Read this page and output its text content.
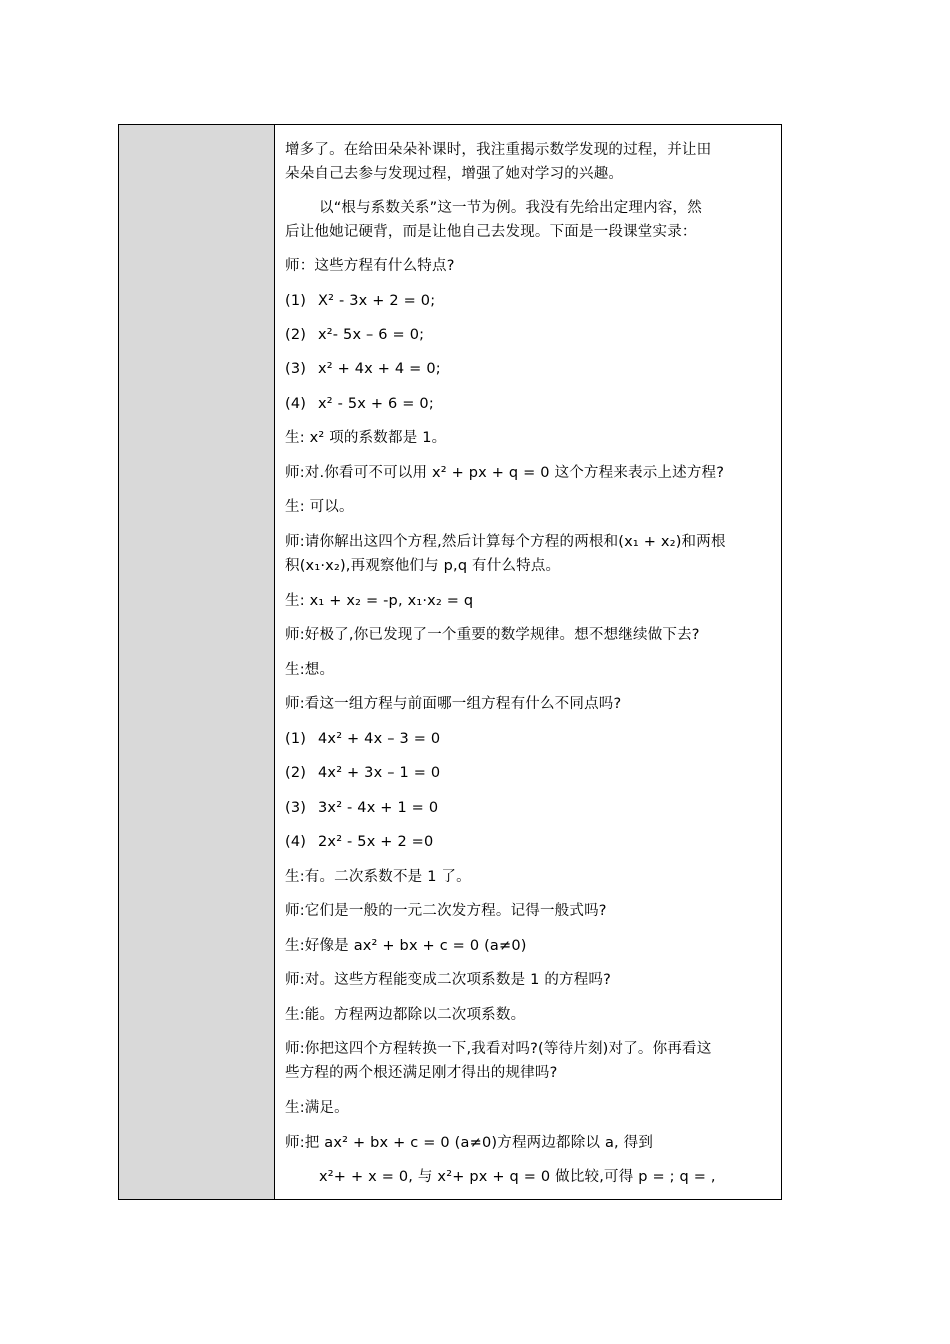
增多了。在给田朵朵补课时，我注重揭示数学发现的过程，并让田
朵朵自己去参与发现过程，增强了她对学习的兴趣。
以“根与系数关系”这一节为例。我没有先给出定理内容，然
后让他她记硬背，而是让他自己去发现。下面是一段课堂实录：
师：这些方程有什么特点?
(1) X² - 3x + 2 = 0;
(2) x²- 5x – 6 = 0;
(3) x² + 4x + 4 = 0;
(4) x² - 5x + 6 = 0;
生: x² 项的系数都是 1。
师:对.你看可不可以用 x² + px + q = 0 这个方程来表示上述方程?
生: 可以。
师:请你解出这四个方程,然后计算每个方程的两根和(x₁ + x₂)和两根
积(x₁·x₂),再观察他们与 p,q 有什么特点。
生: x₁ + x₂ = -p, x₁·x₂ = q
师:好极了,你已发现了一个重要的数学规律。想不想继续做下去?
生:想。
师:看这一组方程与前面哪一组方程有什么不同点吗?
(1) 4x² + 4x – 3 = 0
(2) 4x² + 3x – 1 = 0
(3) 3x² - 4x + 1 = 0
(4) 2x² - 5x + 2 =0
生:有。二次系数不是 1 了。
师:它们是一般的一元二次发方程。记得一般式吗?
生:好像是 ax² + bx + c = 0 (a≠0)
师:对。这些方程能变成二次项系数是 1 的方程吗?
生:能。方程两边都除以二次项系数。
师:你把这四个方程转换一下,我看对吗?(等待片刻)对了。你再看这
些方程的两个根还满足刚才得出的规律吗?
生:满足。
师:把 ax² + bx + c = 0 (a≠0)方程两边都除以 a, 得到
x²+ + x = 0, 与 x²+ px + q = 0 做比较,可得 p = ; q = ,
